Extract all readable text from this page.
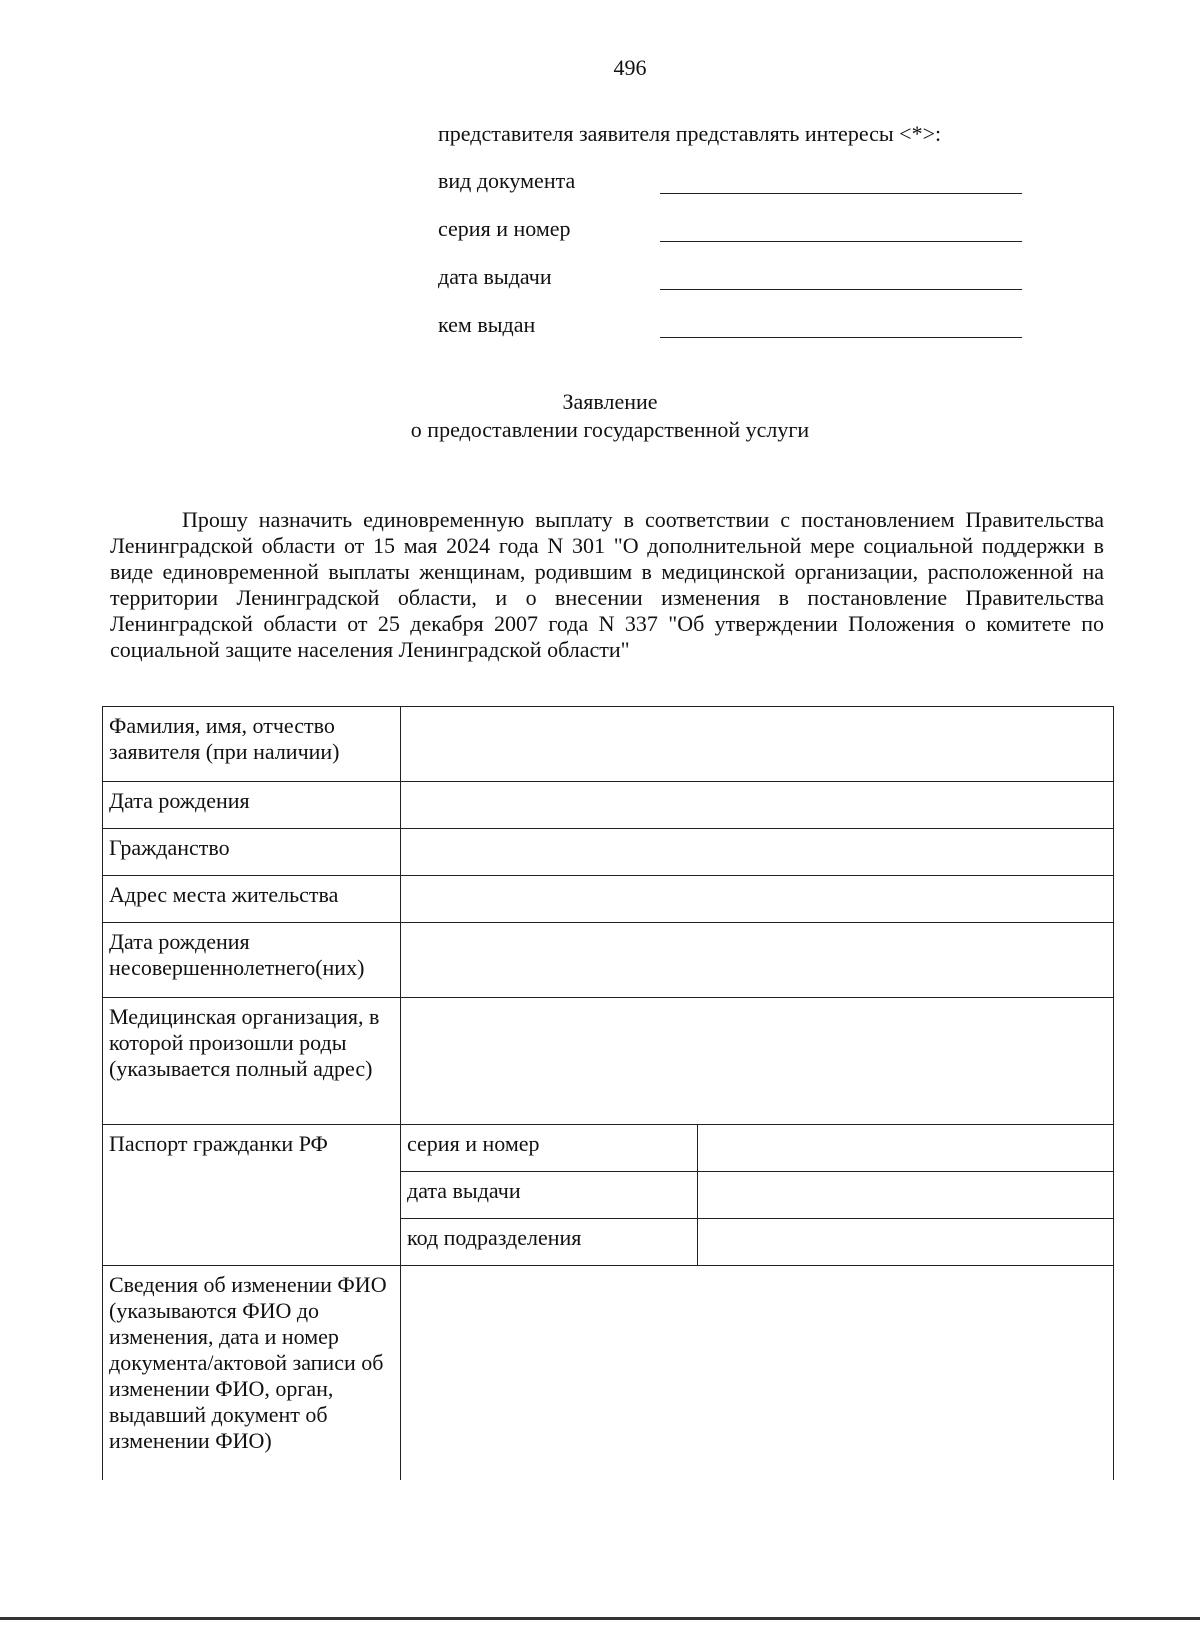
496
представителя заявителя представлять интересы <*>:
вид документа
серия и номер
дата выдачи
кем выдан
Заявление
о предоставлении государственной услуги

Прошу назначить единовременную выплату в соответствии с постановлением Правительства Ленинградской области от 15 мая 2024 года N 301 "О дополнительной мере социальной поддержки в виде единовременной выплаты женщинам, родившим в медицинской организации, расположенной на территории Ленинградской области, и о внесении изменения в постановление Правительства Ленинградской области от 25 декабря 2007 года N 337 "Об утверждении Положения о комитете по социальной защите населения Ленинградской области"

Фамилия, имя, отчество заявителя (при наличии)		
Дата рождения		
Гражданство		
Адрес места жительства		
Дата рождения несовершеннолетнего(них)		
Медицинская организация, в которой произошли роды (указывается полный адрес)		
Паспорт гражданки РФ	серия и номер	
	дата выдачи	
	код подразделения	
Сведения об изменении ФИО (указываются ФИО до изменения, дата и номер документа/актовой записи об изменении ФИО, орган, выдавший документ об изменении ФИО)		
